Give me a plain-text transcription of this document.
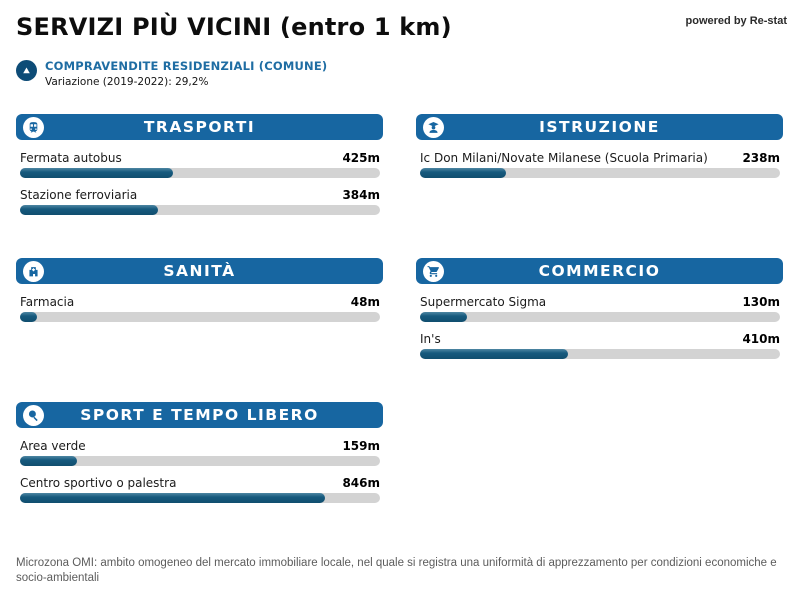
SERVIZI PIÙ VICINI (entro 1 km)	powered by Re-stat
COMPRAVENDITE RESIDENZIALI (COMUNE)
Variazione (2019-2022): 29,2%
TRASPORTI
Fermata autobus	425m
Stazione ferroviaria	384m
ISTRUZIONE
Ic Don Milani/Novate Milanese (Scuola Primaria)	238m
SANITÀ
Farmacia	48m
COMMERCIO
Supermercato Sigma	130m
In's	410m
SPORT E TEMPO LIBERO
Area verde	159m
Centro sportivo o palestra	846m
Microzona OMI: ambito omogeneo del mercato immobiliare locale, nel quale si registra una uniformità di apprezzamento per condizioni economiche e socio-ambientali
